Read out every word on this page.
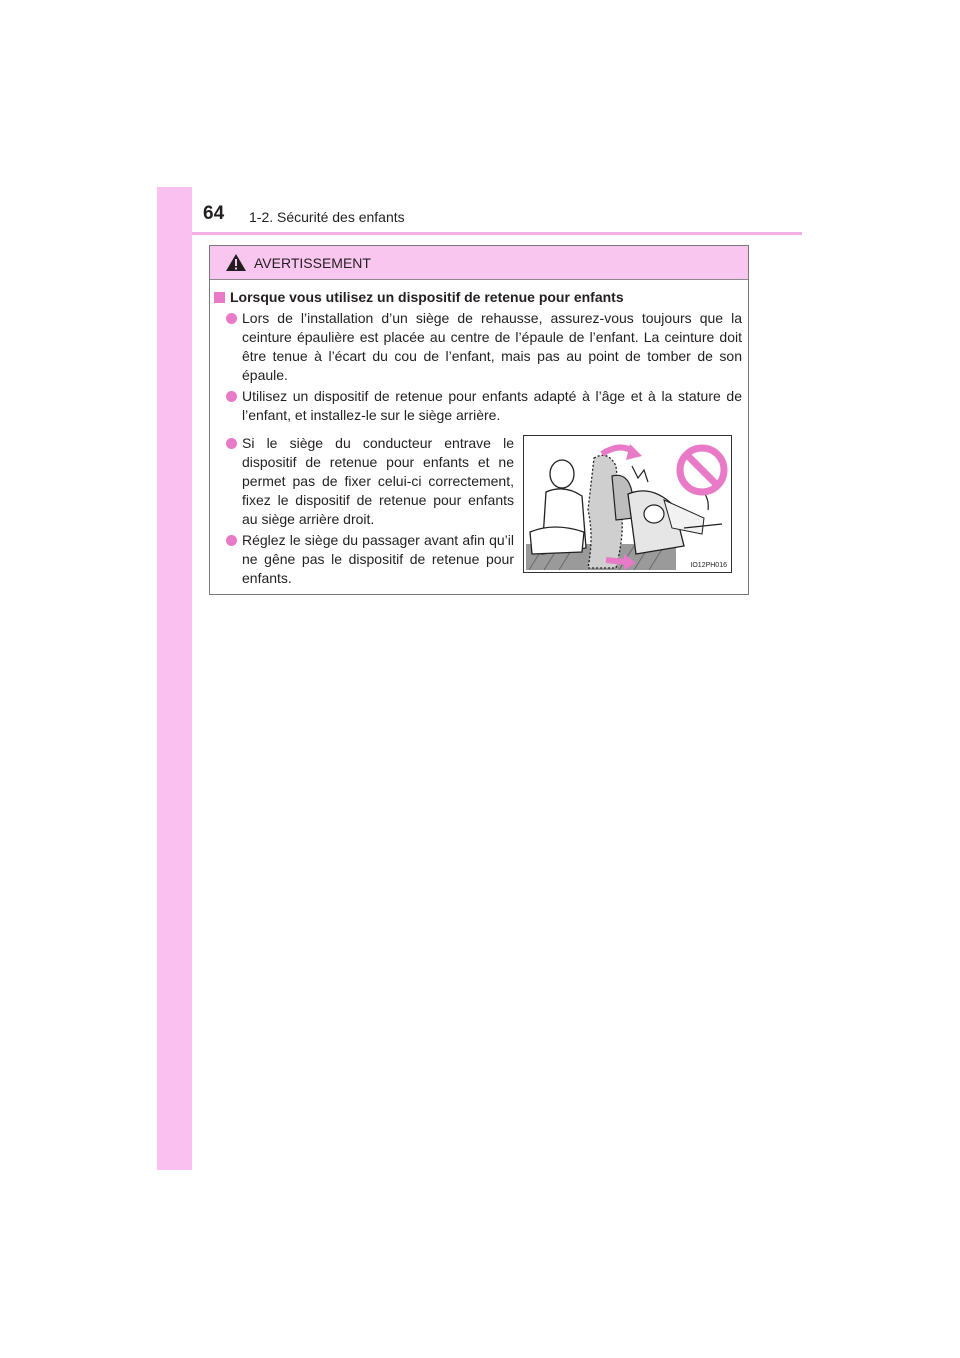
64 1-2. Sécurité des enfants
AVERTISSEMENT
Lorsque vous utilisez un dispositif de retenue pour enfants
Lors de l’installation d’un siège de rehausse, assurez-vous toujours que la ceinture épaulière est placée au centre de l’épaule de l’enfant. La ceinture doit être tenue à l’écart du cou de l’enfant, mais pas au point de tomber de son épaule.
Utilisez un dispositif de retenue pour enfants adapté à l’âge et à la stature de l’enfant, et installez-le sur le siège arrière.
Si le siège du conducteur entrave le dispositif de retenue pour enfants et ne permet pas de fixer celui-ci correctement, fixez le dispositif de retenue pour enfants au siège arrière droit.
Réglez le siège du passager avant afin qu’il ne gêne pas le dispositif de retenue pour enfants.
IO12PH016
